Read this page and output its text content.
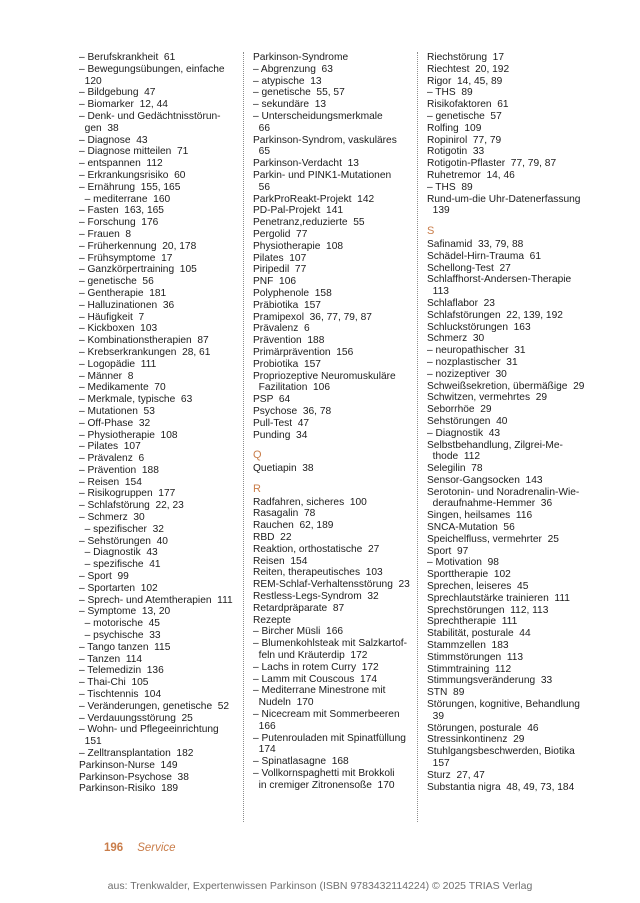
– Berufskrankheit  61
– Bewegungsübungen, einfache
120
– Bildgebung  47
– Biomarker  12, 44
– Denk- und Gedächtnisstörun-
gen  38
– Diagnose  43
– Diagnose mitteilen  71
– entspannen  112
– Erkrankungsrisiko  60
– Ernährung  155, 165
– mediterrane  160
– Fasten  163, 165
– Forschung  176
– Frauen  8
– Früherkennung  20, 178
– Frühsymptome  17
– Ganzkörpertraining  105
– genetische  56
– Gentherapie  181
– Halluzinationen  36
– Häufigkeit  7
– Kickboxen  103
– Kombinationstherapien  87
– Krebserkrankungen  28, 61
– Logopädie  111
– Männer  8
– Medikamente  70
– Merkmale, typische  63
– Mutationen  53
– Off-Phase  32
– Physiotherapie  108
– Pilates  107
– Prävalenz  6
– Prävention  188
– Reisen  154
– Risikogruppen  177
– Schlafstörung  22, 23
– Schmerz  30
– spezifischer  32
– Sehstörungen  40
– Diagnostik  43
– spezifische  41
– Sport  99
– Sportarten  102
– Sprech- und Atemtherapien  111
– Symptome  13, 20
– motorische  45
– psychische  33
– Tango tanzen  115
– Tanzen  114
– Telemedizin  136
– Thai-Chi  105
– Tischtennis  104
– Veränderungen, genetische  52
– Verdauungsstörung  25
– Wohn- und Pflegeeinrichtung
151
– Zelltransplantation  182
Parkinson-Nurse  149
Parkinson-Psychose  38
Parkinson-Risiko  189
Parkinson-Syndrome
– Abgrenzung  63
– atypische  13
– genetische  55, 57
– sekundäre  13
– Unterscheidungsmerkmale
66
Parkinson-Syndrom, vaskuläres
65
Parkinson-Verdacht  13
Parkin- und PINK1-Mutationen
56
ParkProReakt-Projekt  142
PD-Pal-Projekt  141
Penetranz,reduzierte  55
Pergolid  77
Physiotherapie  108
Pilates  107
Piripedil  77
PNF  106
Polyphenole  158
Präbiotika  157
Pramipexol  36, 77, 79, 87
Prävalenz  6
Prävention  188
Primärprävention  156
Probiotika  157
Propriozeptive Neuromuskuläre
Fazilitation  106
PSP  64
Psychose  36, 78
Pull-Test  47
Punding  34
Q
Quetiapin  38
R
Radfahren, sicheres  100
Rasagalin  78
Rauchen  62, 189
RBD  22
Reaktion, orthostatische  27
Reisen  154
Reiten, therapeutisches  103
REM-Schlaf-Verhaltensstörung  23
Restless-Legs-Syndrom  32
Retardpräparate  87
Rezepte
– Bircher Müsli  166
– Blumenkohlsteak mit Salzkartof-
feln und Kräuterdip  172
– Lachs in rotem Curry  172
– Lamm mit Couscous  174
– Mediterrane Minestrone mit
Nudeln  170
– Nicecream mit Sommerbeeren
166
– Putenrouladen mit Spinatfüllung
174
– Spinatlasagne  168
– Vollkornspaghetti mit Brokkoli
in cremiger Zitronensoße  170
Riechstörung  17
Riechtest  20, 192
Rigor  14, 45, 89
– THS  89
Risikofaktoren  61
– genetische  57
Rolfing  109
Ropinirol  77, 79
Rotigotin  33
Rotigotin-Pflaster  77, 79, 87
Ruhetremor  14, 46
– THS  89
Rund-um-die Uhr-Datenerfassung
139
S
Safinamid  33, 79, 88
Schädel-Hirn-Trauma  61
Schellong-Test  27
Schlaffhorst-Andersen-Therapie
113
Schlaflabor  23
Schlafstörungen  22, 139, 192
Schluckstörungen  163
Schmerz  30
– neuropathischer  31
– nozplastischer  31
– nozizeptiver  30
Schweißsekretion, übermäßige  29
Schwitzen, vermehrtes  29
Seborrhöe  29
Sehstörungen  40
– Diagnostik  43
Selbstbehandlung, Zilgrei-Me-
thode  112
Selegilin  78
Sensor-Gangsocken  143
Serotonin- und Noradrenalin-Wie-
deraufnahme-Hemmer  36
Singen, heilsames  116
SNCA-Mutation  56
Speichelfluss, vermehrter  25
Sport  97
– Motivation  98
Sporttherapie  102
Sprechen, leiseres  45
Sprechlautstärke trainieren  111
Sprechstörungen  112, 113
Sprechtherapie  111
Stabilität, posturale  44
Stammzellen  183
Stimmstörungen  113
Stimmtraining  112
Stimmungsveränderung  33
STN  89
Störungen, kognitive, Behandlung
39
Störungen, posturale  46
Stressinkontinenz  29
Stuhlgangsbeschwerden, Biotika
157
Sturz  27, 47
Substantia nigra  48, 49, 73, 184
196 Service
aus: Trenkwalder, Expertenwissen Parkinson (ISBN 9783432114224) © 2025 TRIAS Verlag
